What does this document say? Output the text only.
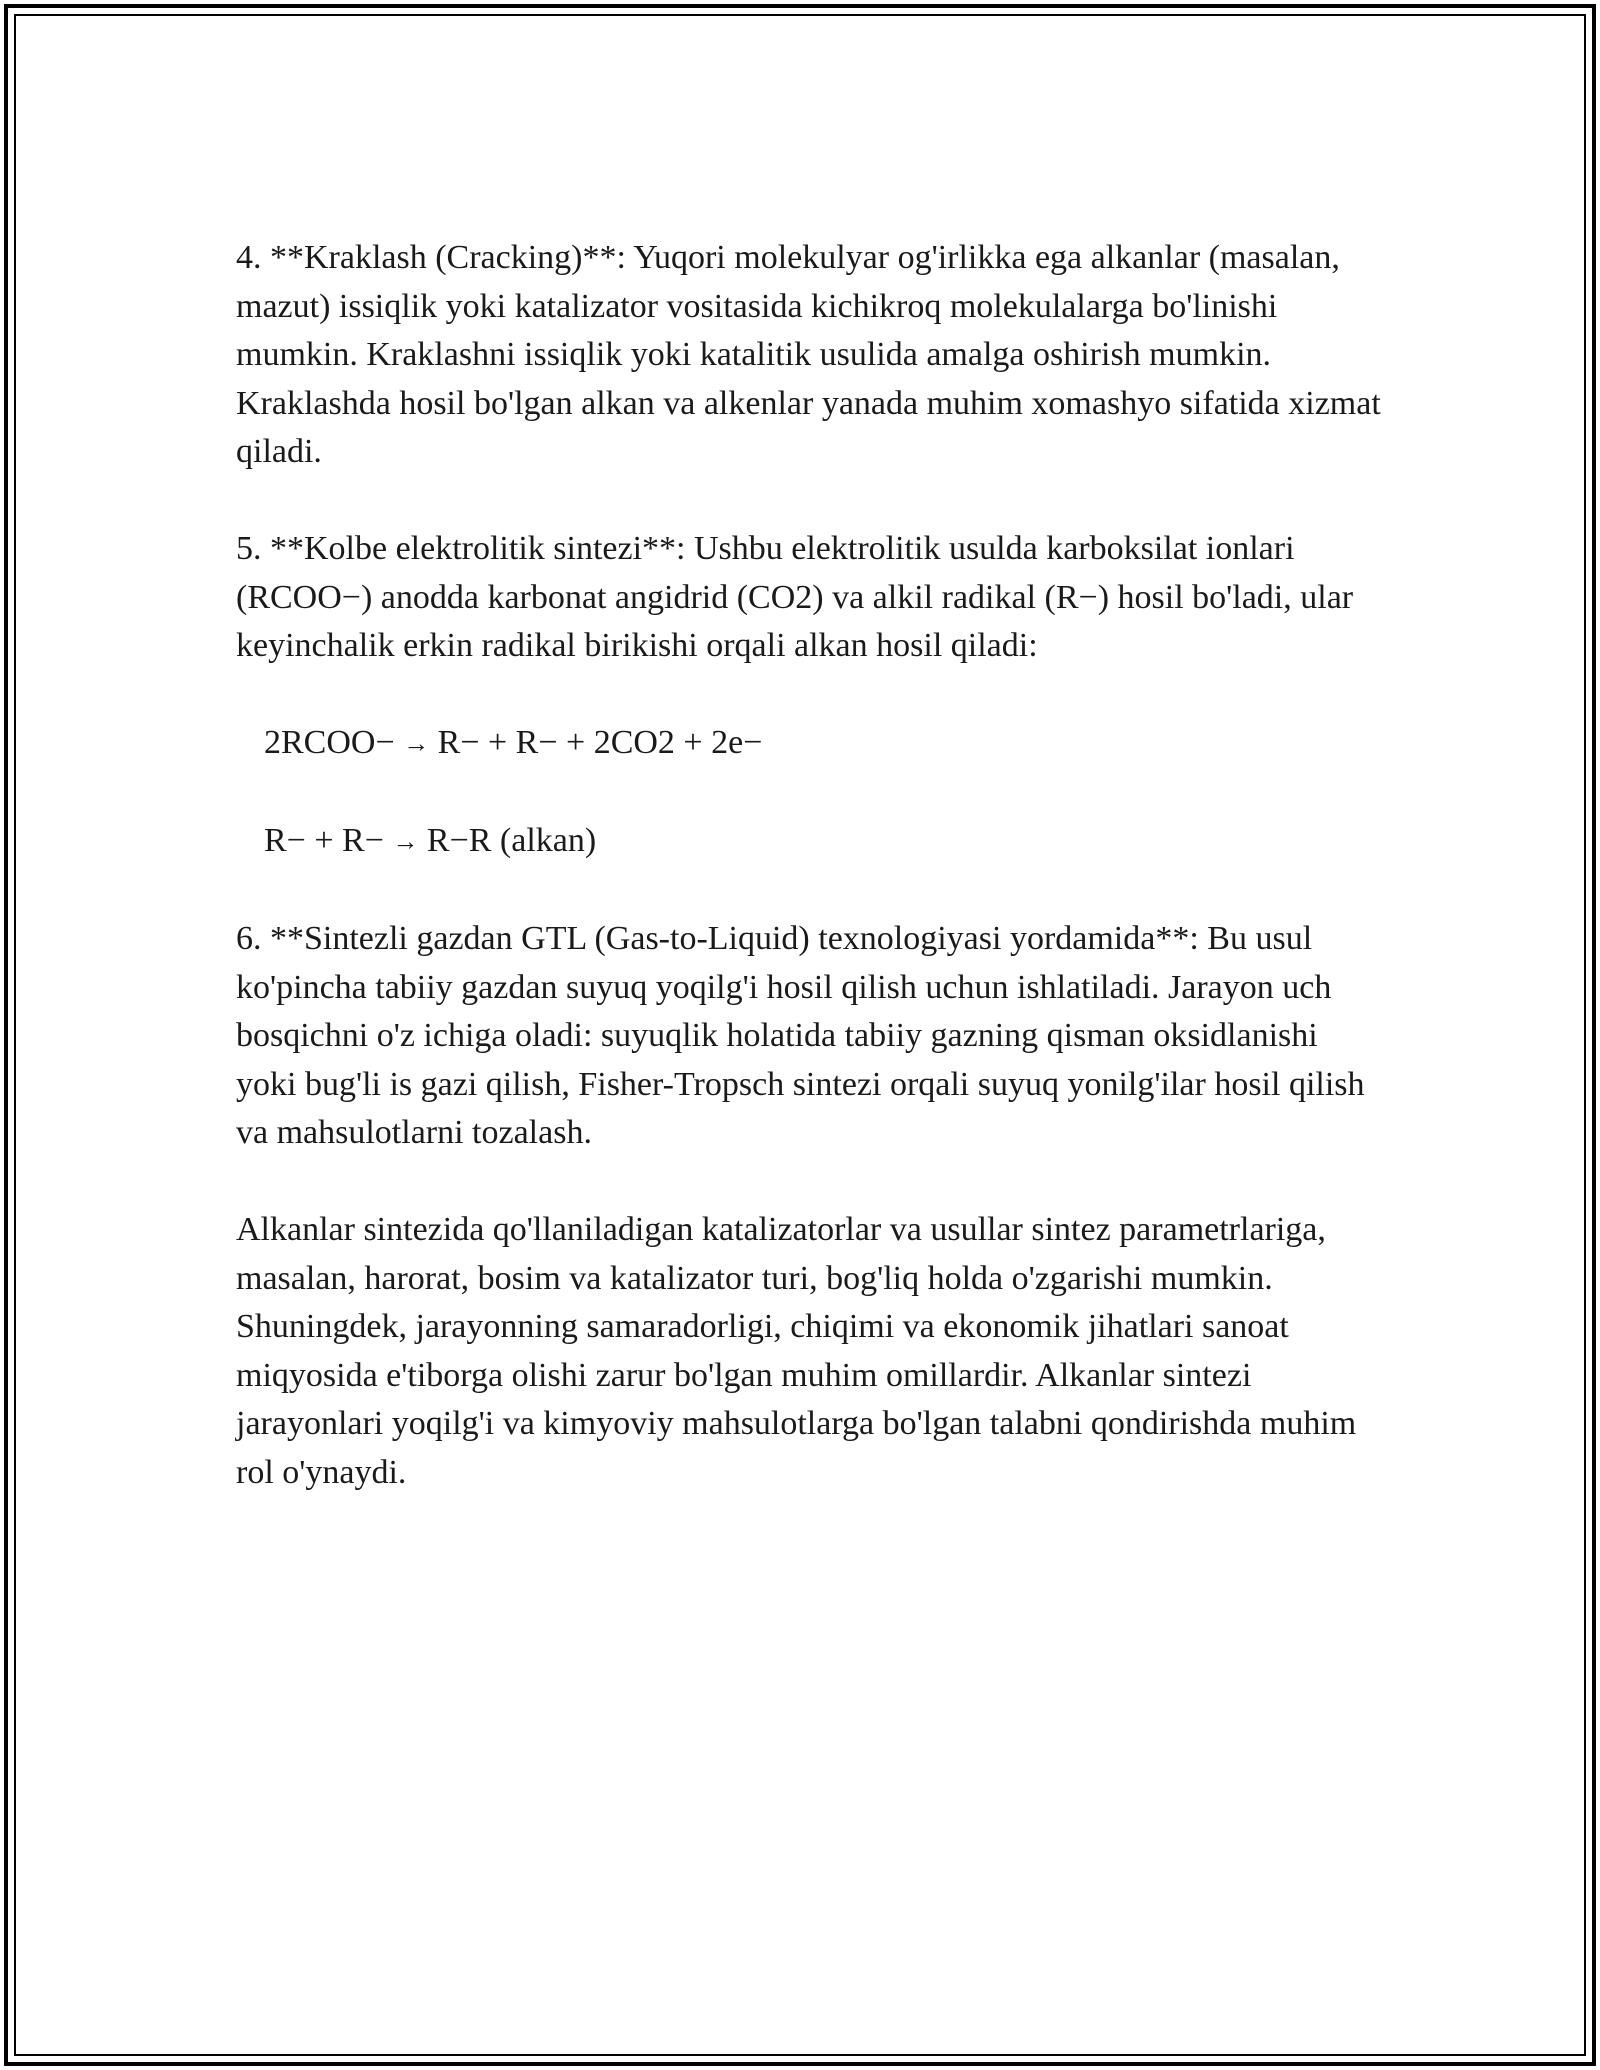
4. **Kraklash (Cracking)**: Yuqori molekulyar og'irlikka ega alkanlar (masalan, mazut) issiqlik yoki katalizator vositasida kichikroq molekulalarga bo'linishi mumkin. Kraklashni issiqlik yoki katalitik usulida amalga oshirish mumkin. Kraklashda hosil bo'lgan alkan va alkenlar yanada muhim xomashyo sifatida xizmat qiladi.

5. **Kolbe elektrolitik sintezi**: Ushbu elektrolitik usulda karboksilat ionlari (RCOO−) anodda karbonat angidrid (CO2) va alkil radikal (R−) hosil bo'ladi, ular keyinchalik erkin radikal birikishi orqali alkan hosil qiladi:

2RCOO− → R− + R− + 2CO2 + 2e−
R− + R− → R−R (alkan)

6. **Sintezli gazdan GTL (Gas-to-Liquid) texnologiyasi yordamida**: Bu usul ko'pincha tabiiy gazdan suyuq yoqilg'i hosil qilish uchun ishlatiladi. Jarayon uch bosqichni o'z ichiga oladi: suyuqlik holatida tabiiy gazning qisman oksidlanishi yoki bug'li is gazi qilish, Fisher-Tropsch sintezi orqali suyuq yonilg'ilar hosil qilish va mahsulotlarni tozalash.

Alkanlar sintezida qo'llaniladigan katalizatorlar va usullar sintez parametrlariga, masalan, harorat, bosim va katalizator turi, bog'liq holda o'zgarishi mumkin. Shuningdek, jarayonning samaradorligi, chiqimi va ekonomik jihatlari sanoat miqyosida e'tiborga olishi zarur bo'lgan muhim omillardir. Alkanlar sintezi jarayonlari yoqilg'i va kimyoviy mahsulotlarga bo'lgan talabni qondirishda muhim rol o'ynaydi.
